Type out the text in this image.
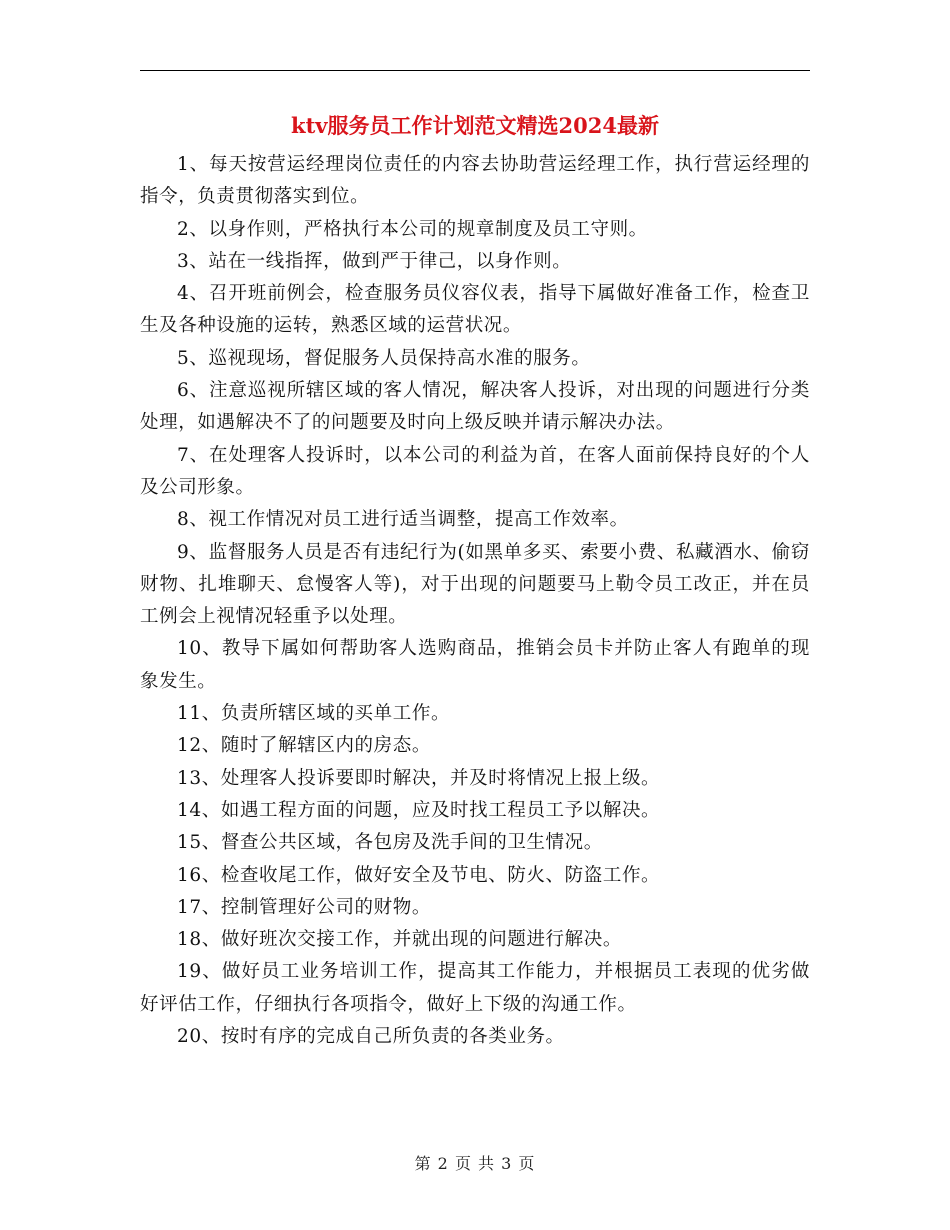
ktv服务员工作计划范文精选2024最新

1、每天按营运经理岗位责任的内容去协助营运经理工作，执行营运经理的指令，负责贯彻落实到位。

2、以身作则，严格执行本公司的规章制度及员工守则。

3、站在一线指挥，做到严于律己，以身作则。

4、召开班前例会，检查服务员仪容仪表，指导下属做好准备工作，检查卫生及各种设施的运转，熟悉区域的运营状况。

5、巡视现场，督促服务人员保持高水准的服务。

6、注意巡视所辖区域的客人情况，解决客人投诉，对出现的问题进行分类处理，如遇解决不了的问题要及时向上级反映并请示解决办法。

7、在处理客人投诉时，以本公司的利益为首，在客人面前保持良好的个人及公司形象。

8、视工作情况对员工进行适当调整，提高工作效率。

9、监督服务人员是否有违纪行为(如黑单多买、索要小费、私藏酒水、偷窃财物、扎堆聊天、怠慢客人等)，对于出现的问题要马上勒令员工改正，并在员工例会上视情况轻重予以处理。

10、教导下属如何帮助客人选购商品，推销会员卡并防止客人有跑单的现象发生。

11、负责所辖区域的买单工作。

12、随时了解辖区内的房态。

13、处理客人投诉要即时解决，并及时将情况上报上级。

14、如遇工程方面的问题，应及时找工程员工予以解决。

15、督查公共区域，各包房及洗手间的卫生情况。

16、检查收尾工作，做好安全及节电、防火、防盗工作。

17、控制管理好公司的财物。

18、做好班次交接工作，并就出现的问题进行解决。

19、做好员工业务培训工作，提高其工作能力，并根据员工表现的优劣做好评估工作，仔细执行各项指令，做好上下级的沟通工作。

20、按时有序的完成自己所负责的各类业务。

第 2 页 共 3 页
